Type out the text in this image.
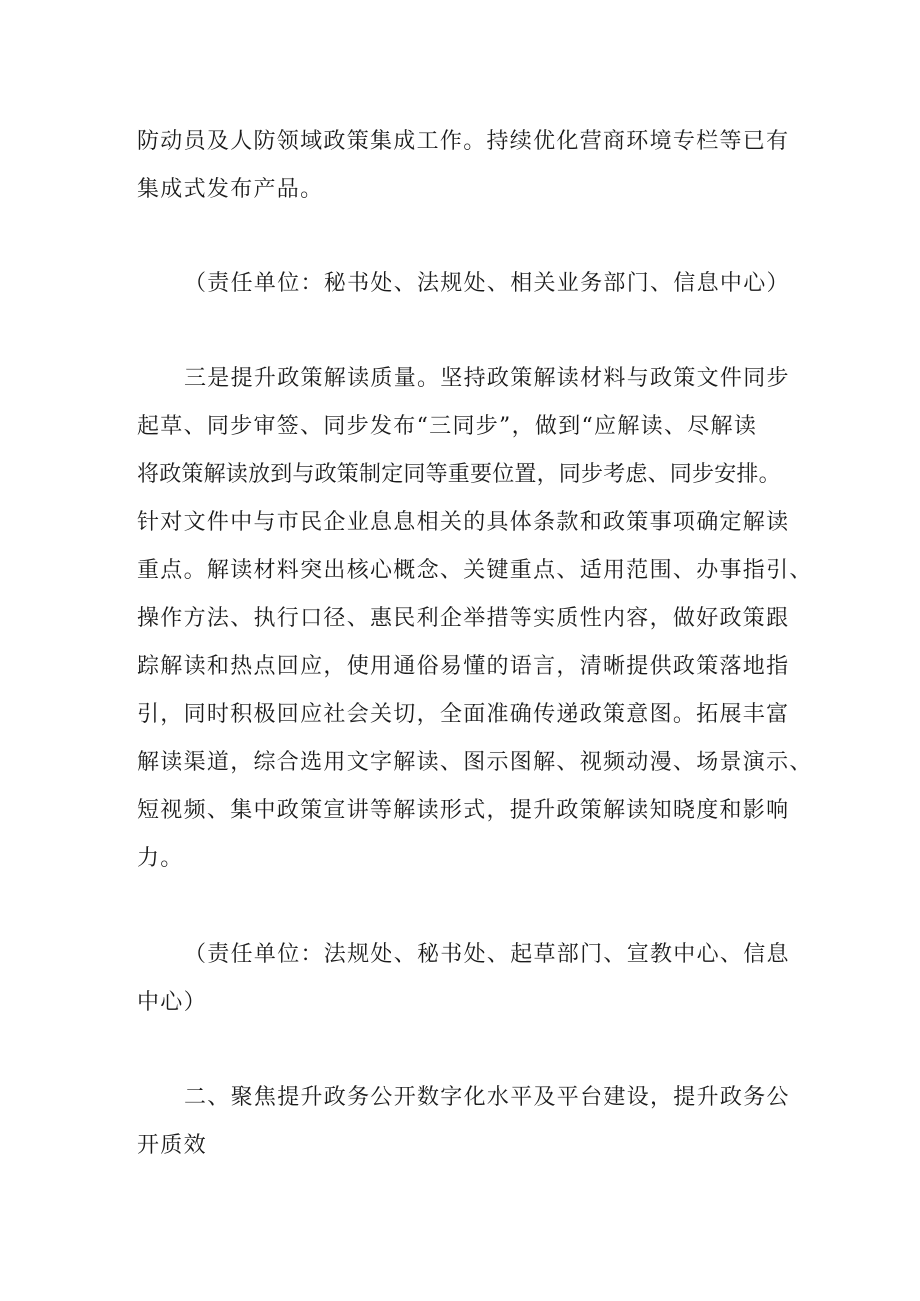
防动员及人防领域政策集成工作。持续优化营商环境专栏等已有
集成式发布产品。
（责任单位：秘书处、法规处、相关业务部门、信息中心）
三是提升政策解读质量。坚持政策解读材料与政策文件同步
起草、同步审签、同步发布“三同步”，做到“应解读、尽解读
将政策解读放到与政策制定同等重要位置，同步考虑、同步安排。
针对文件中与市民企业息息相关的具体条款和政策事项确定解读
重点。解读材料突出核心概念、关键重点、适用范围、办事指引、
操作方法、执行口径、惠民利企举措等实质性内容，做好政策跟
踪解读和热点回应，使用通俗易懂的语言，清晰提供政策落地指
引，同时积极回应社会关切，全面准确传递政策意图。拓展丰富
解读渠道，综合选用文字解读、图示图解、视频动漫、场景演示、
短视频、集中政策宣讲等解读形式，提升政策解读知晓度和影响
力。
（责任单位：法规处、秘书处、起草部门、宣教中心、信息
中心）
二、聚焦提升政务公开数字化水平及平台建设，提升政务公
开质效
